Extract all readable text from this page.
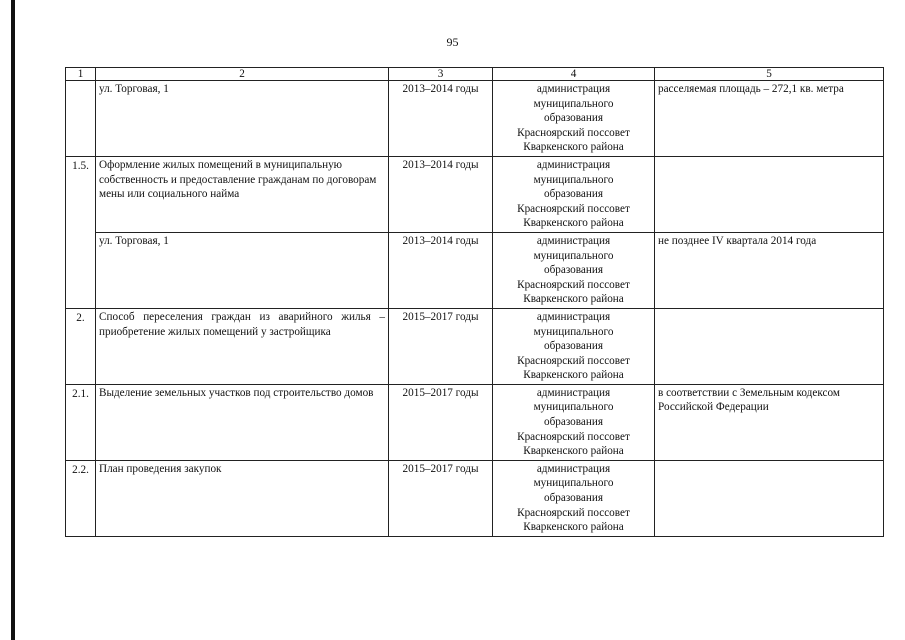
95
1	2	3	4	5
	ул. Торговая, 1	2013–2014 годы	администрация
муниципального
образования
Красноярский поссовет
Кваркенского района	расселяемая площадь – 272,1 кв. метра
1.5.	Оформление жилых помещений в муниципальную собственность и предоставление гражданам по договорам мены или социального найма	2013–2014 годы	администрация
муниципального
образования
Красноярский поссовет
Кваркенского района	

	ул. Торговая, 1	2013–2014 годы	администрация
муниципального
образования
Красноярский поссовет
Кваркенского района	не позднее IV квартала 2014 года
2.	Способ переселения граждан из аварийного жилья – приобретение жилых помещений у застройщика	2015–2017 годы	администрация
муниципального
образования
Красноярский поссовет
Кваркенского района	

2.1.	Выделение земельных участков под строительство домов	2015–2017 годы	администрация
муниципального
образования
Красноярский поссовет
Кваркенского района	в соответствии с Земельным кодексом Российской Федерации
2.2.	План проведения закупок	2015–2017 годы	администрация
муниципального
образования
Красноярский поссовет
Кваркенского района	
